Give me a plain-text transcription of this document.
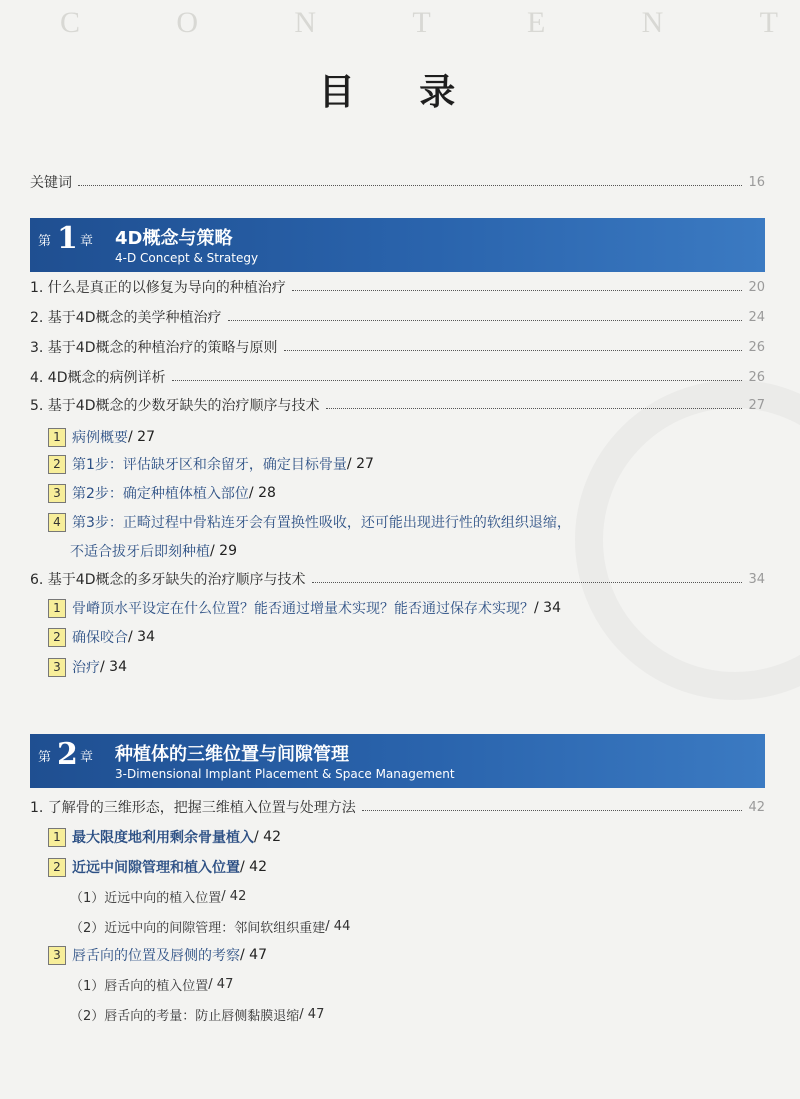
C	O	N	T	E	N	T
目 录
关键词	16
第 1 章 4D概念与策略
4-D Concept & Strategy
1. 什么是真正的以修复为导向的种植治疗	20
2. 基于4D概念的美学种植治疗	24
3. 基于4D概念的种植治疗的策略与原则	26
4. 4D概念的病例详析	26
5. 基于4D概念的少数牙缺失的治疗顺序与技术	27
1 病例概要 / 27
2 第1步：评估缺牙区和余留牙，确定目标骨量 / 27
3 第2步：确定种植体植入部位 / 28
4 第3步：正畸过程中骨粘连牙会有置换性吸收，还可能出现进行性的软组织退缩，
不适合拔牙后即刻种植 / 29
6. 基于4D概念的多牙缺失的治疗顺序与技术	34
1 骨嵴顶水平设定在什么位置？能否通过增量术实现？能否通过保存术实现？ / 34
2 确保咬合 / 34
3 治疗 / 34
第 2 章 种植体的三维位置与间隙管理
3-Dimensional Implant Placement & Space Management
1. 了解骨的三维形态，把握三维植入位置与处理方法	42
1 最大限度地利用剩余骨量植入 / 42
2 近远中间隙管理和植入位置 / 42
（1）近远中向的植入位置 / 42
（2）近远中向的间隙管理：邻间软组织重建 / 44
3 唇舌向的位置及唇侧的考察 / 47
（1）唇舌向的植入位置 / 47
（2）唇舌向的考量：防止唇侧黏膜退缩 / 47
